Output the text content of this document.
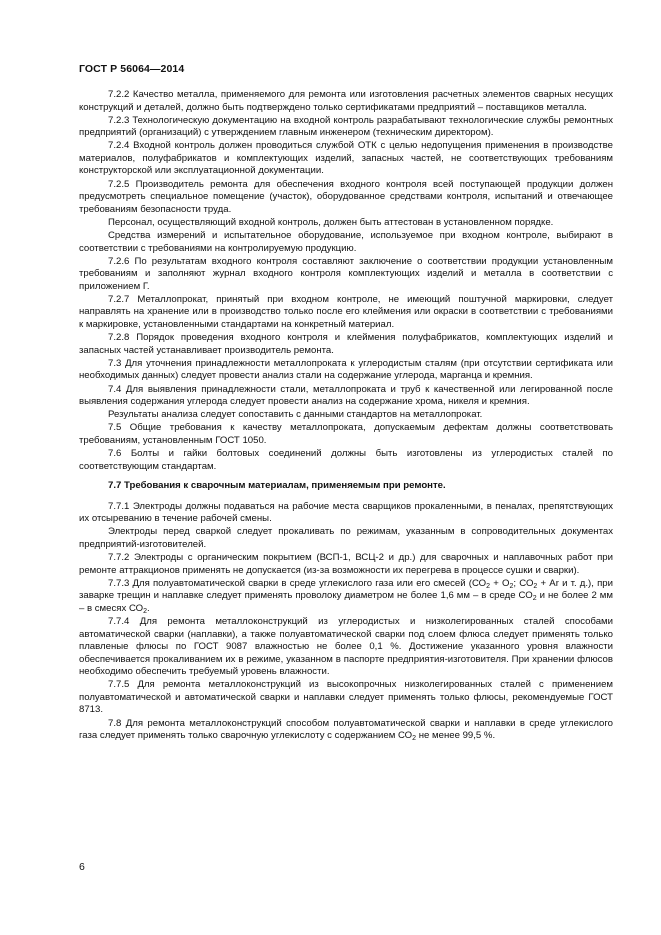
ГОСТ Р 56064—2014

7.2.2 Качество металла, применяемого для ремонта или изготовления расчетных элементов сварных несущих конструкций и деталей, должно быть подтверждено только сертификатами предприятий – поставщиков металла.

7.2.3 Технологическую документацию на входной контроль разрабатывают технологические службы ремонтных предприятий (организаций) с утверждением главным инженером (техническим директором).

7.2.4 Входной контроль должен проводиться службой ОТК с целью недопущения применения в производстве материалов, полуфабрикатов и комплектующих изделий, запасных частей, не соответствующих требованиям конструкторской или эксплуатационной документации.

7.2.5 Производитель ремонта для обеспечения входного контроля всей поступающей продукции должен предусмотреть специальное помещение (участок), оборудованное средствами контроля, испытаний и отвечающее требованиям безопасности труда.

Персонал, осуществляющий входной контроль, должен быть аттестован в установленном порядке.

Средства измерений и испытательное оборудование, используемое при входном контроле, выбирают в соответствии с требованиями на контролируемую продукцию.

7.2.6 По результатам входного контроля составляют заключение о соответствии продукции установленным требованиям и заполняют журнал входного контроля комплектующих изделий и металла в соответствии с приложением Г.

7.2.7 Металлопрокат, принятый при входном контроле, не имеющий поштучной маркировки, следует направлять на хранение или в производство только после его клеймения или окраски в соответствии с требованиями к маркировке, установленными стандартами на конкретный материал.

7.2.8 Порядок проведения входного контроля и клеймения полуфабрикатов, комплектующих изделий и запасных частей устанавливает производитель ремонта.

7.3 Для уточнения принадлежности металлопроката к углеродистым сталям (при отсутствии сертификата или необходимых данных) следует провести анализ стали на содержание углерода, марганца и кремния.

7.4 Для выявления принадлежности стали, металлопроката и труб к качественной или легированной после выявления содержания углерода следует провести анализ на содержание хрома, никеля и кремния.

Результаты анализа следует сопоставить с данными стандартов на металлопрокат.

7.5 Общие требования к качеству металлопроката, допускаемым дефектам должны соответствовать требованиям, установленным ГОСТ 1050.

7.6 Болты и гайки болтовых соединений должны быть изготовлены из углеродистых сталей по соответствующим стандартам.

7.7 Требования к сварочным материалам, применяемым при ремонте.

7.7.1 Электроды должны подаваться на рабочие места сварщиков прокаленными, в пеналах, препятствующих их отсыреванию в течение рабочей смены.

Электроды перед сваркой следует прокаливать по режимам, указанным в сопроводительных документах предприятий-изготовителей.

7.7.2 Электроды с органическим покрытием (ВСП-1, ВСЦ-2 и др.) для сварочных и наплавочных работ при ремонте аттракционов применять не допускается (из-за возможности их перегрева в процессе сушки и сварки).

7.7.3 Для полуавтоматической сварки в среде углекислого газа или его смесей ($СО_2 + О_2$; $СО_2$ + Аr и т. д.), при заварке трещин и наплавке следует применять проволоку диаметром не более 1,6 мм – в среде $СО_2$ и не более 2 мм – в смесях $СО_2$.

7.7.4 Для ремонта металлоконструкций из углеродистых и низколегированных сталей способами автоматической сварки (наплавки), а также полуавтоматической сварки под слоем флюса следует применять только плавленые флюсы по ГОСТ 9087 влажностью не более 0,1 %. Достижение указанного уровня влажности обеспечивается прокаливанием их в режиме, указанном в паспорте предприятия-изготовителя. При хранении флюсов необходимо обеспечить требуемый уровень влажности.

7.7.5 Для ремонта металлоконструкций из высокопрочных низколегированных сталей с применением полуавтоматической и автоматической сварки и наплавки следует применять только флюсы, рекомендуемые ГОСТ 8713.

7.8 Для ремонта металлоконструкций способом полуавтоматической сварки и наплавки в среде углекислого газа следует применять только сварочную углекислоту с содержанием $СО_2$ не менее 99,5 %.

6
